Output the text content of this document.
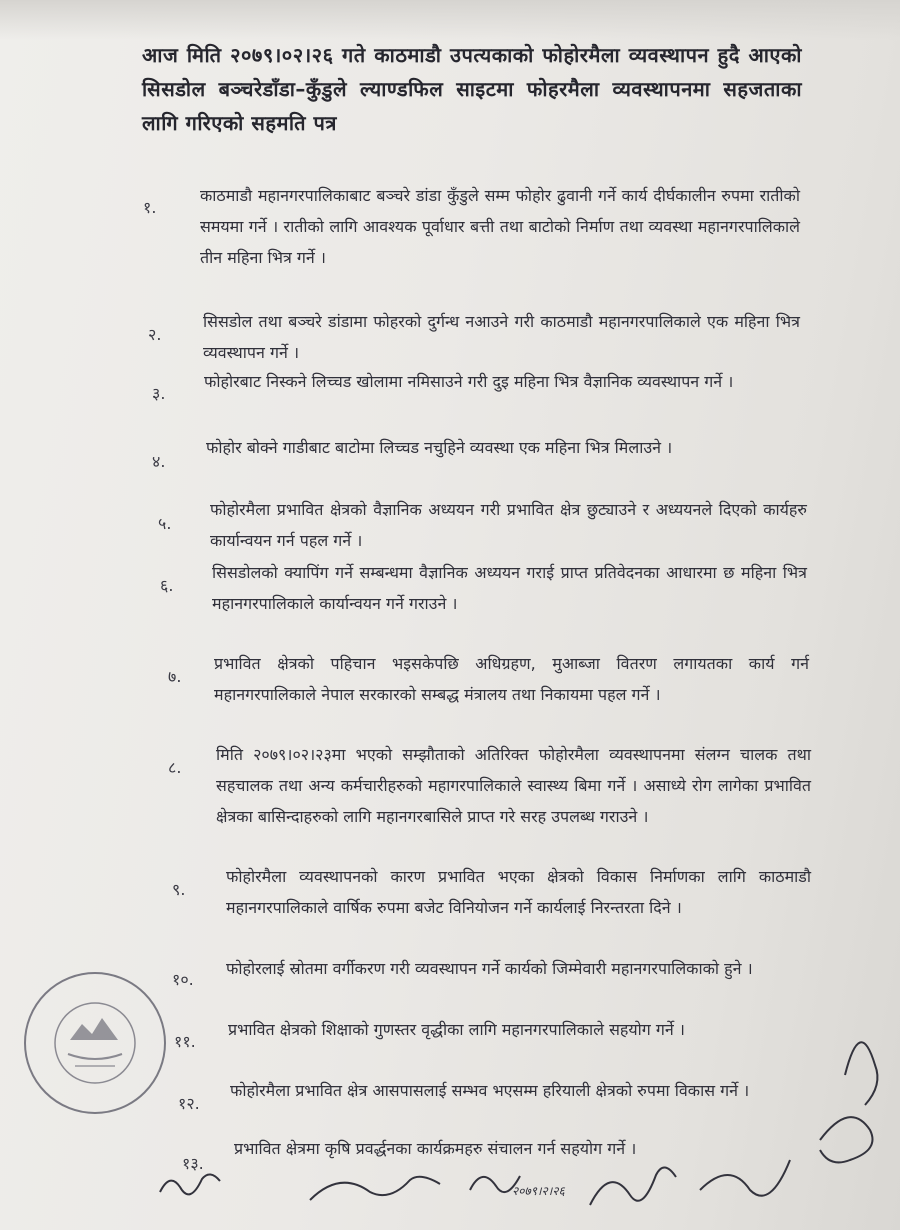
आज मिति २०७९।०२।२६ गते काठमाडौ उपत्यकाको फोहोरमैला व्यवस्थापन हुदै आएको सिसडोल बञ्चरेडाँडा–कुँडुले ल्याण्डफिल साइटमा फोहरमैला व्यवस्थापनमा सहजताका लागि गरिएको सहमति पत्र
१.
काठमाडौ महानगरपालिकाबाट बञ्चरे डांडा कुँडुले सम्म फोहोर ढुवानी गर्ने कार्य दीर्घकालीन रुपमा रातीको समयमा गर्ने । रातीको लागि आवश्यक पूर्वाधार बत्ती तथा बाटोको निर्माण तथा व्यवस्था महानगरपालिकाले तीन महिना भित्र गर्ने ।
२.
सिसडोल तथा बञ्चरे डांडामा फोहरको दुर्गन्ध नआउने गरी काठमाडौ महानगरपालिकाले एक महिना भित्र व्यवस्थापन गर्ने ।
३.
फोहोरबाट निस्कने लिच्चड खोलामा नमिसाउने गरी दुइ महिना भित्र वैज्ञानिक व्यवस्थापन गर्ने ।
४.
फोहोर बोक्ने गाडीबाट बाटोमा लिच्चड नचुहिने व्यवस्था एक महिना भित्र मिलाउने ।
५.
फोहोरमैला प्रभावित क्षेत्रको वैज्ञानिक अध्ययन गरी प्रभावित क्षेत्र छुट्याउने र अध्ययनले दिएको कार्यहरु कार्यान्वयन गर्न पहल गर्ने ।
६.
सिसडोलको क्यापिंग गर्ने सम्बन्धमा वैज्ञानिक अध्ययन गराई प्राप्त प्रतिवेदनका आधारमा छ महिना भित्र महानगरपालिकाले कार्यान्वयन गर्ने गराउने ।
७.
प्रभावित क्षेत्रको पहिचान भइसकेपछि अधिग्रहण, मुआब्जा वितरण लगायतका कार्य गर्न महानगरपालिकाले नेपाल सरकारको सम्बद्ध मंत्रालय तथा निकायमा पहल गर्ने ।
८.
मिति २०७९।०२।२३मा भएको सम्झौताको अतिरिक्त फोहोरमैला व्यवस्थापनमा संलग्न चालक तथा सहचालक तथा अन्य कर्मचारीहरुको महागरपालिकाले स्वास्थ्य बिमा गर्ने । असाध्ये रोग लागेका प्रभावित क्षेत्रका बासिन्दाहरुको लागि महानगरबासिले प्राप्त गरे सरह उपलब्ध गराउने ।
९.
फोहोरमैला व्यवस्थापनको कारण प्रभावित भएका क्षेत्रको विकास निर्माणका लागि काठमाडौ महानगरपालिकाले वार्षिक रुपमा बजेट विनियोजन गर्ने कार्यलाई निरन्तरता दिने ।
१०.
फोहोरलाई स्रोतमा वर्गीकरण गरी व्यवस्थापन गर्ने कार्यको जिम्मेवारी महानगरपालिकाको हुने ।
११.
प्रभावित क्षेत्रको शिक्षाको गुणस्तर वृद्धीका लागि महानगरपालिकाले सहयोग गर्ने ।
१२.
फोहोरमैला प्रभावित क्षेत्र आसपासलाई सम्भव भएसम्म हरियाली क्षेत्रको रुपमा विकास गर्ने ।
१३.
प्रभावित क्षेत्रमा कृषि प्रवर्द्धनका कार्यक्रमहरु संचालन गर्न सहयोग गर्ने ।
२०७९।२।२६
